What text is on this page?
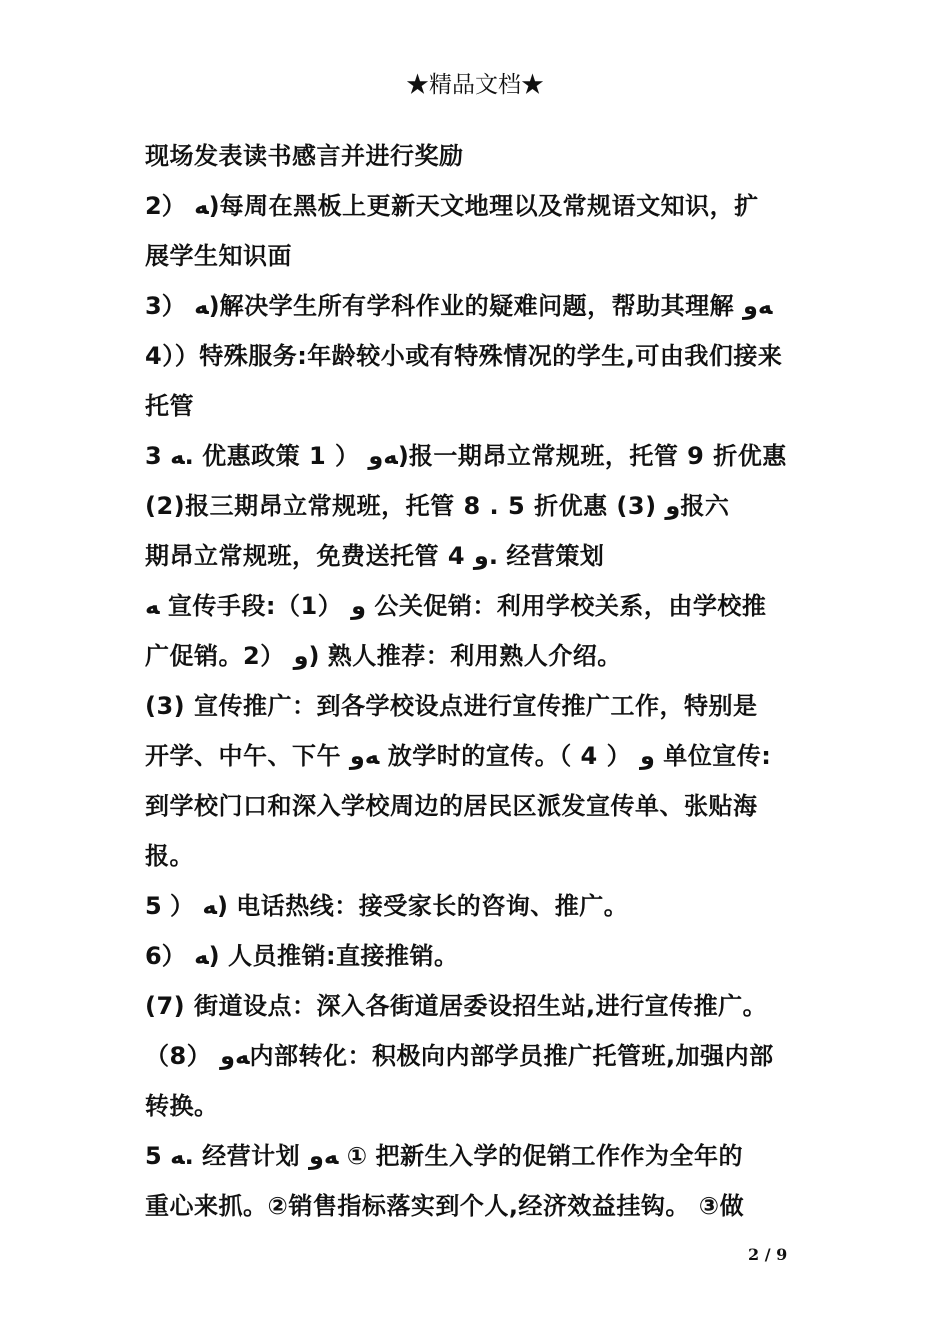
★精品文档★
现场发表读书感言并进行奖励
2） ﻪ)每周在黑板上更新天文地理以及常规语文知识，扩
展学生知识面
3） ﻪ)解决学生所有学科作业的疑难问题，帮助其理解 ﻪو
4））特殊服务:年龄较小或有特殊情况的学生,可由我们接来
托管
3 ﻪ. 优惠政策 1 ） ﻪو)报一期昂立常规班，托管 9 折优惠
(2)报三期昂立常规班，托管 8 . 5 折优惠 (3) و报六
期昂立常规班，免费送托管 4 و. 经营策划
ﻪ 宣传手段:（1） و 公关促销：利用学校关系，由学校推
广促销。2） و) 熟人推荐：利用熟人介绍。
(3) 宣传推广：到各学校设点进行宣传推广工作，特别是
开学、中午、下午 ﻪو 放学时的宣传。（ 4 ） و 单位宣传:
到学校门口和深入学校周边的居民区派发宣传单、张贴海
报。
5 ） ﻪ) 电话热线：接受家长的咨询、推广。
6） ﻪ) 人员推销:直接推销。
(7) 街道设点：深入各街道居委设招生站,进行宣传推广。
（8） ﻪو内部转化：积极向内部学员推广托管班,加强内部
转换。
5 ﻪ. 经营计划 ﻪو ① 把新生入学的促销工作作为全年的
重心来抓。②销售指标落实到个人,经济效益挂钩。 ③做
2 / 9
